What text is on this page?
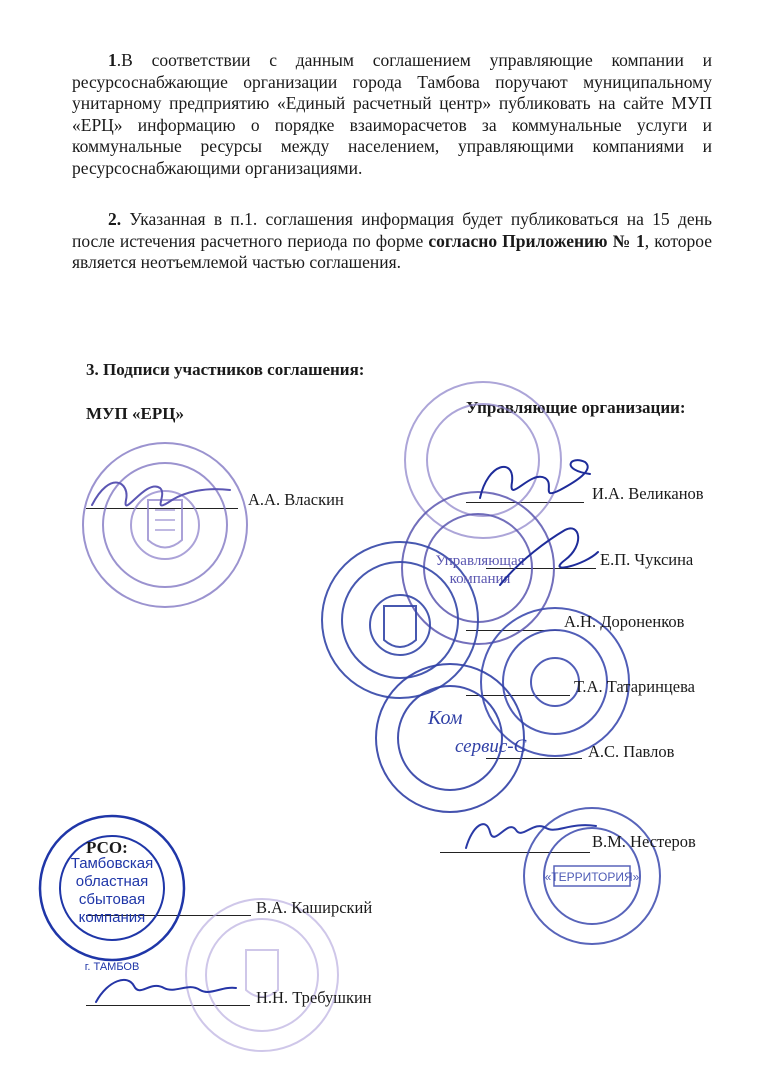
1.В соответствии с данным соглашением управляющие компании и ресурсоснабжающие организации города Тамбова поручают муниципальному унитарному предприятию «Единый расчетный центр» публиковать на сайте МУП «ЕРЦ» информацию о порядке взаиморасчетов за коммунальные услуги и коммунальные ресурсы между населением, управляющими компаниями и ресурсоснабжающими организациями.
2. Указанная в п.1. соглашения информация будет публиковаться на 15 день после истечения расчетного периода по форме согласно Приложению № 1, которое является неотъемлемой частью соглашения.
3. Подписи участников соглашения:
МУП «ЕРЦ»	Управляющие организации:
РСО:
Тамбовская
областная
сбытовая
компания
«ТЕРРИТОРИЯ»
Ком
сервис-С
Управляющая
компания
г. ТАМБОВ
А.А. Власкин	И.А. Великанов
Е.П. Чуксина
А.Н. Дороненков
Т.А. Татаринцева
А.С. Павлов
В.М. Нестеров
В.А. Каширский
Н.Н. Требушкин
